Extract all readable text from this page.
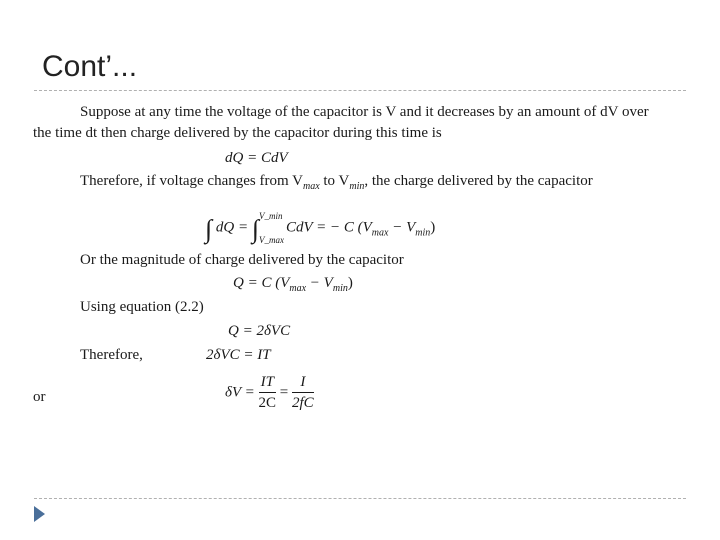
Cont’...
Suppose at any time the voltage of the capacitor is V and it decreases by an amount of dV over
the time dt then charge delivered by the capacitor during this time is
dQ = CdV
Therefore, if voltage changes from $V_{max}$ to $V_{min}$, the charge delivered by the capacitor
∫ dQ = ∫ V_min
V_max
CdV = − C $(V_{max} - V_{min})$
Or the magnitude of charge delivered by the capacitor
Q = C $(V_{max} - V_{min})$
Using equation (2.2)
Q = 2δVC
Therefore,	2δVC = IT
or	$\delta V = \frac{IT}{2C} = \frac{I}{2fC}$
